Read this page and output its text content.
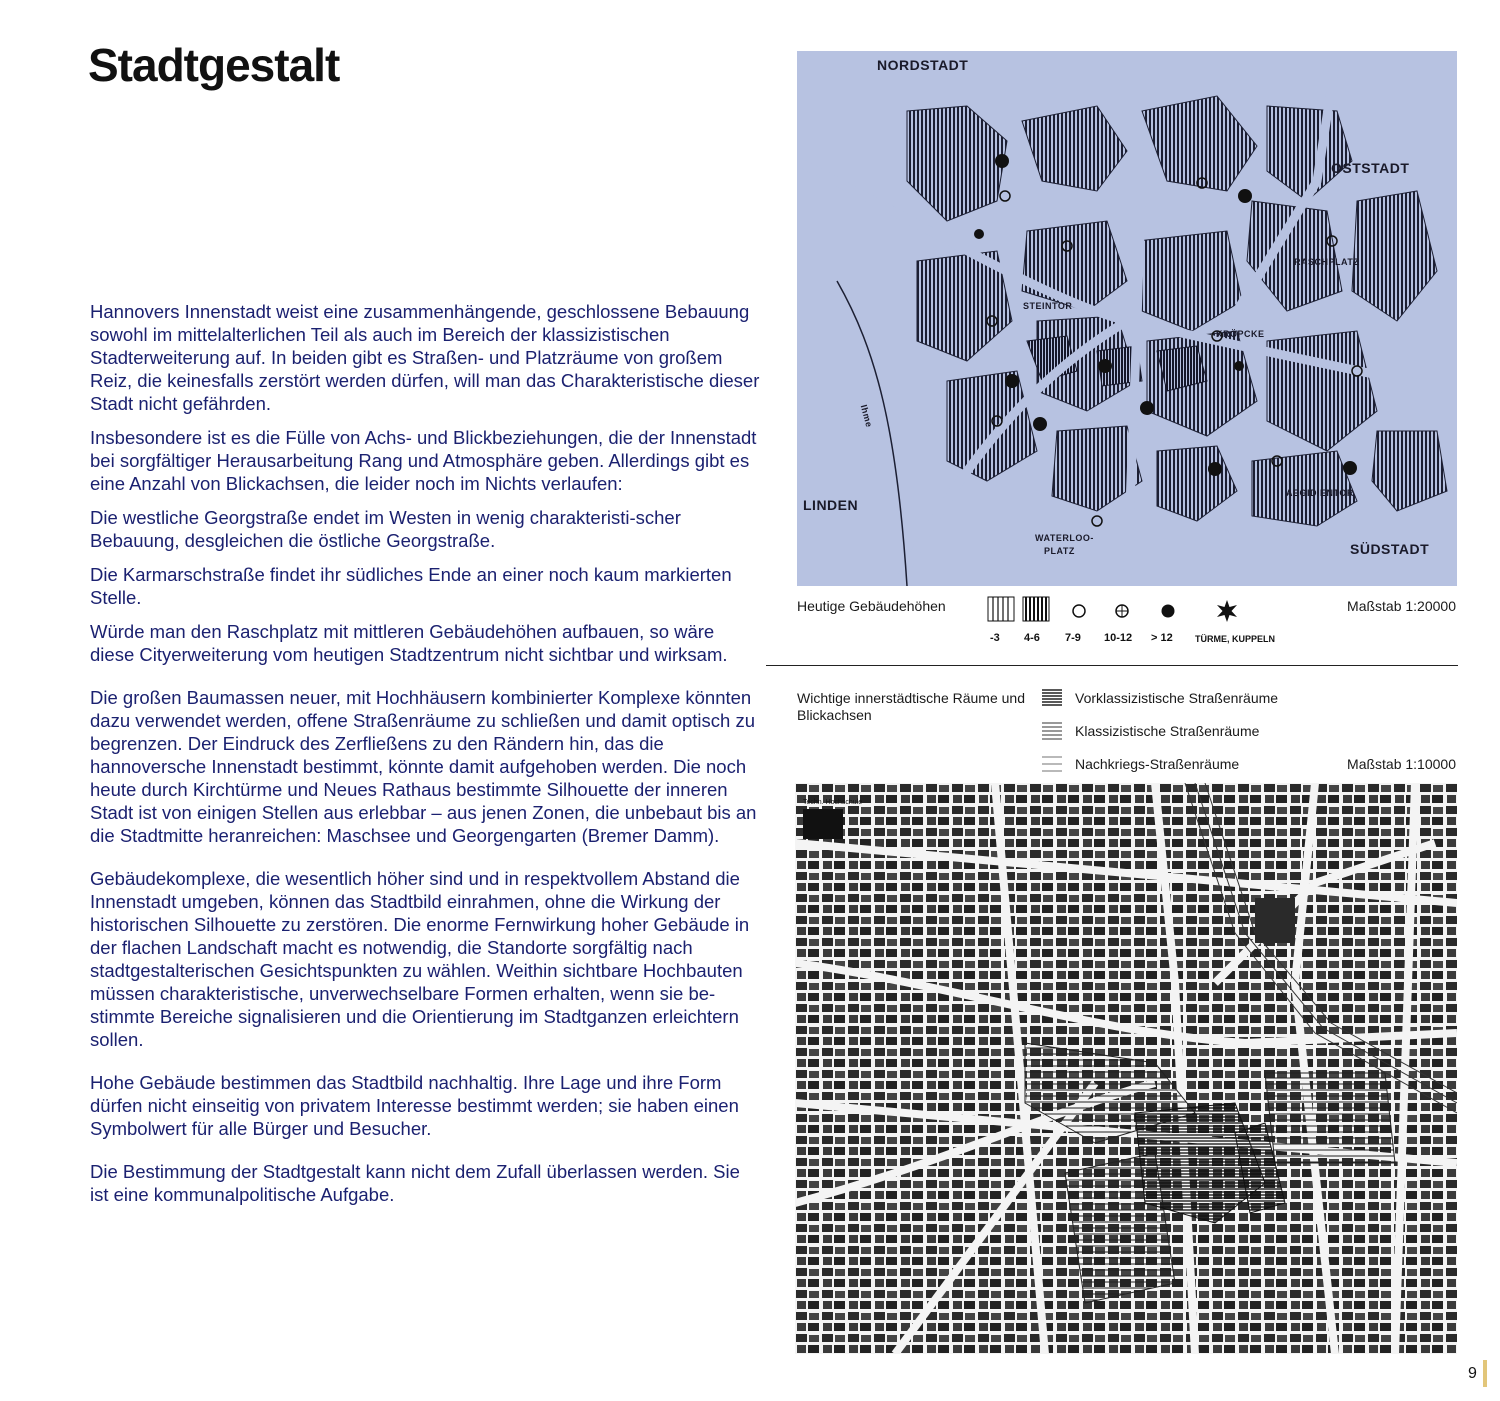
Stadtgestalt

Hannovers Innenstadt weist eine zusammenhängende, geschlossene Bebauung sowohl im mittelalterlichen Teil als auch im Bereich der klassizistischen Stadterweiterung auf. In beiden gibt es Straßen- und Platzräume von großem Reiz, die keinesfalls zerstört werden dürfen, will man das Charakteristische dieser Stadt nicht gefährden.

Insbesondere ist es die Fülle von Achs- und Blickbeziehungen, die der Innenstadt bei sorgfältiger Herausarbeitung Rang und Atmosphäre geben. Allerdings gibt es eine Anzahl von Blickachsen, die leider noch im Nichts verlaufen:

Die westliche Georgstraße endet im Westen in wenig charakteristi-scher Bebauung, desgleichen die östliche Georgstraße.

Die Karmarschstraße findet ihr südliches Ende an einer noch kaum markierten Stelle.

Würde man den Raschplatz mit mittleren Gebäudehöhen aufbauen, so wäre diese Cityerweiterung vom heutigen Stadtzentrum nicht sichtbar und wirksam.

Die großen Baumassen neuer, mit Hochhäusern kombinierter Komplexe könnten dazu verwendet werden, offene Straßenräume zu schließen und damit optisch zu begrenzen. Der Eindruck des Zerfließens zu den Rändern hin, das die hannoversche Innenstadt bestimmt, könnte damit aufgehoben werden. Die noch heute durch Kirchtürme und Neues Rathaus bestimmte Silhouette der inneren Stadt ist von einigen Stellen aus erlebbar – aus jenen Zonen, die unbebaut bis an die Stadtmitte heranreichen: Maschsee und Georgengarten (Bremer Damm).

Gebäudekomplexe, die wesentlich höher sind und in respektvollem Abstand die Innenstadt umgeben, können das Stadtbild einrahmen, ohne die Wirkung der historischen Silhouette zu zerstören. Die enorme Fernwirkung hoher Gebäude in der flachen Landschaft macht es notwendig, die Standorte sorgfältig nach stadtgestalterischen Gesichtspunkten zu wählen. Weithin sichtbare Hochbauten müssen charakteristische, unverwechselbare Formen erhalten, wenn sie be-stimmte Bereiche signalisieren und die Orientierung im Stadtganzen erleichtern sollen.

Hohe Gebäude bestimmen das Stadtbild nachhaltig. Ihre Lage und ihre Form dürfen nicht einseitig von privatem Interesse bestimmt werden; sie haben einen Symbolwert für alle Bürger und Besucher.

Die Bestimmung der Stadtgestalt kann nicht dem Zufall überlassen werden. Sie ist eine kommunalpolitische Aufgabe.

NORDSTADT
OSTSTADT
LINDEN
SÜDSTADT
STEINTOR
KRÖPCKE
RASCHPLATZ
AEGIDIENTOR
WATERLOO-
PLATZ
Ihme
Heutige Gebäudehöhen
-3 4-6 7-9 10-12 > 12 TÜRME, KUPPELN
Maßstab 1:20000
Wichtige innerstädtische Räume und Blickachsen
Vorklassizistische Straßenräume
Klassizistische Straßenräume
Nachkriegs-Straßenräume	Maßstab 1:10000
Techn. Hochschule
9
